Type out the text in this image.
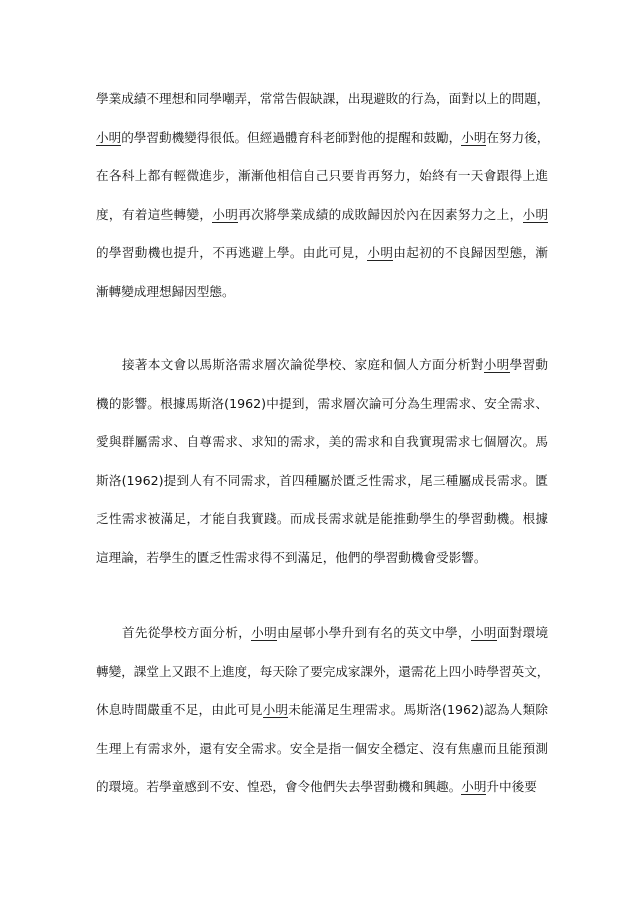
學業成績不理想和同學嘲弄，常常告假缺課，出現避敗的行為，面對以上的問題，
小明的學習動機變得很低。但經過體育科老師對他的提醒和鼓勵，小明在努力後，
在各科上都有輕微進步，漸漸他相信自己只要肯再努力，始終有一天會跟得上進
度，有着這些轉變，小明再次將學業成績的成敗歸因於內在因素努力之上，小明
的學習動機也提升，不再逃避上學。由此可見，小明由起初的不良歸因型態，漸
漸轉變成理想歸因型態。
接著本文會以馬斯洛需求層次論從學校、家庭和個人方面分析對小明學習動
機的影響。根據馬斯洛(1962)中提到，需求層次論可分為生理需求、安全需求、
愛與群屬需求、自尊需求、求知的需求，美的需求和自我實現需求七個層次。馬
斯洛(1962)提到人有不同需求，首四種屬於匱乏性需求，尾三種屬成長需求。匱
乏性需求被滿足，才能自我實踐。而成長需求就是能推動學生的學習動機。根據
這理論，若學生的匱乏性需求得不到滿足，他們的學習動機會受影響。
首先從學校方面分析，小明由屋邨小學升到有名的英文中學，小明面對環境
轉變，課堂上又跟不上進度，每天除了要完成家課外，還需花上四小時學習英文，
休息時間嚴重不足，由此可見小明未能滿足生理需求。馬斯洛(1962)認為人類除
生理上有需求外，還有安全需求。安全是指一個安全穩定、沒有焦慮而且能預測
的環境。若學童感到不安、惶恐，會令他們失去學習動機和興趣。小明升中後要
